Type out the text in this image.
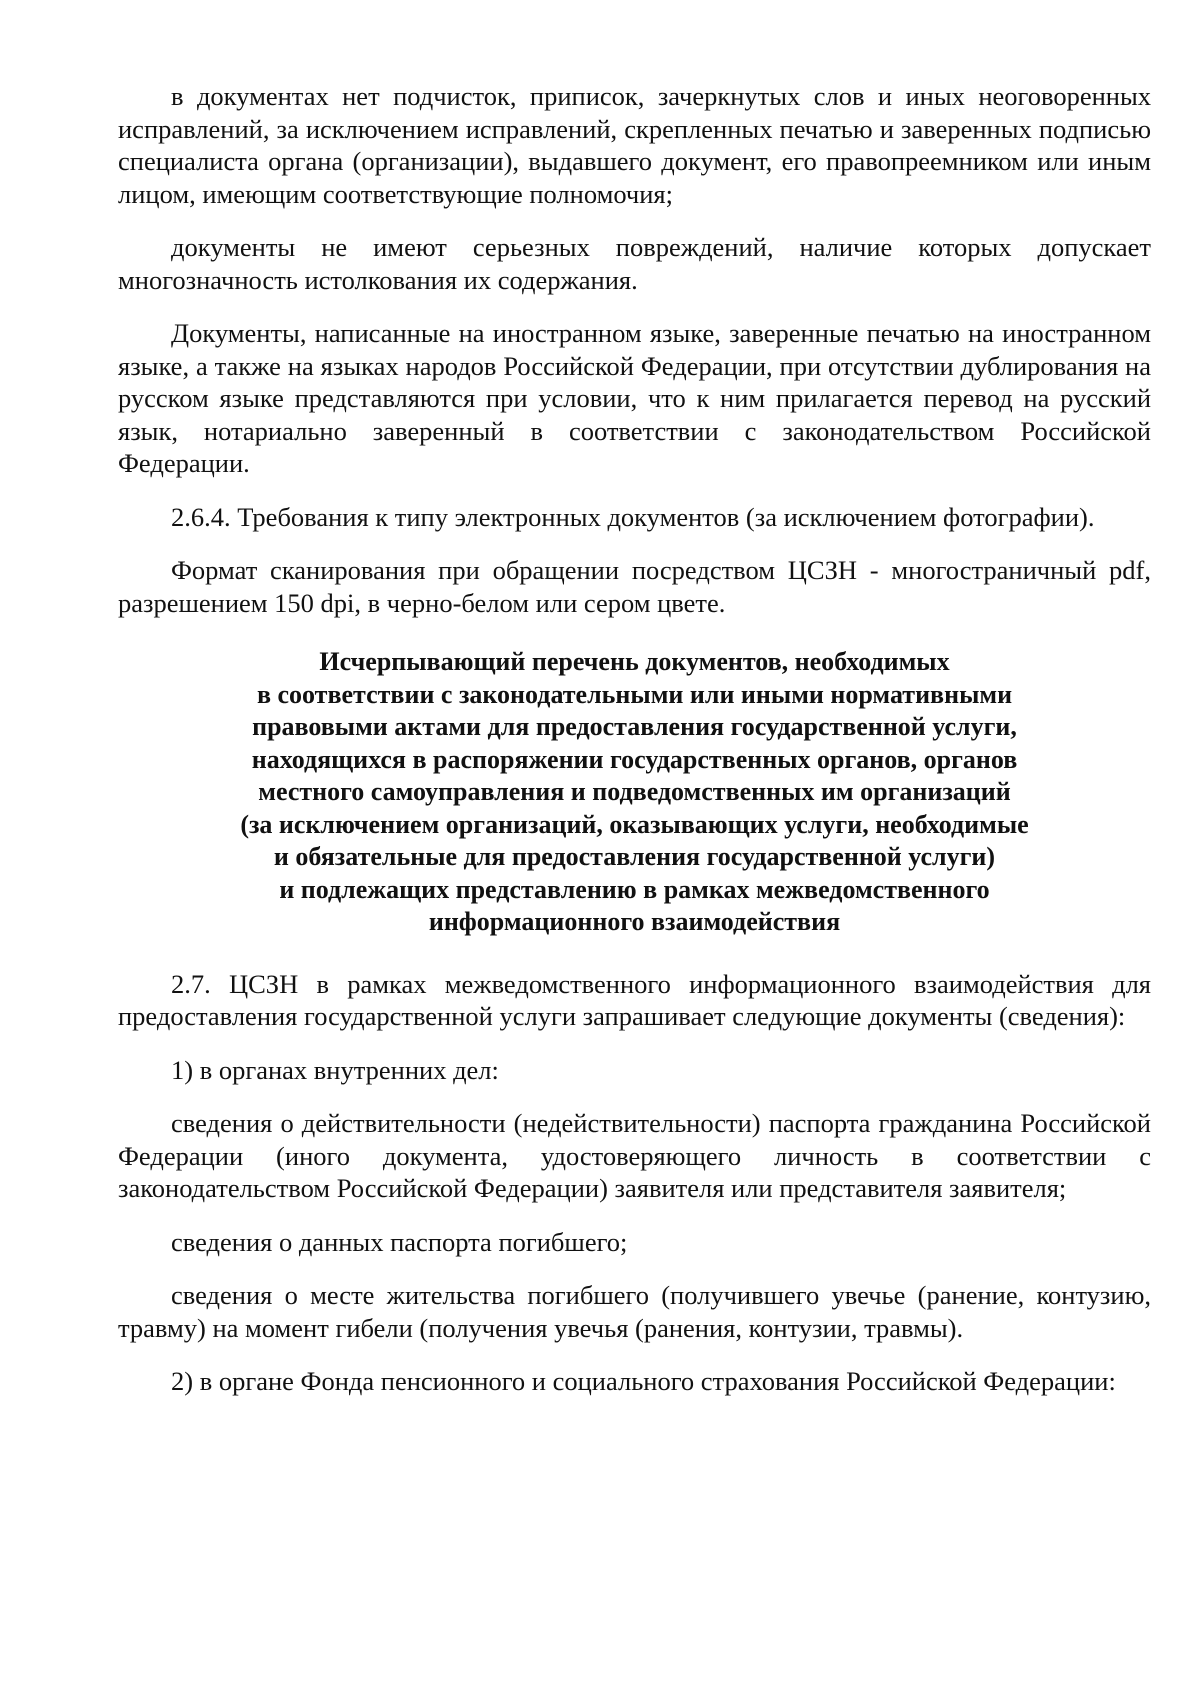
в документах нет подчисток, приписок, зачеркнутых слов и иных неоговоренных исправлений, за исключением исправлений, скрепленных печатью и заверенных подписью специалиста органа (организации), выдавшего документ, его правопреемником или иным лицом, имеющим соответствующие полномочия;

документы не имеют серьезных повреждений, наличие которых допускает многозначность истолкования их содержания.

Документы, написанные на иностранном языке, заверенные печатью на иностранном языке, а также на языках народов Российской Федерации, при отсутствии дублирования на русском языке представляются при условии, что к ним прилагается перевод на русский язык, нотариально заверенный в соответствии с законодательством Российской Федерации.

2.6.4. Требования к типу электронных документов (за исключением фотографии).

Формат сканирования при обращении посредством ЦСЗН - многостраничный pdf, разрешением 150 dpi, в черно-белом или сером цвете.

Исчерпывающий перечень документов, необходимых
в соответствии с законодательными или иными нормативными
правовыми актами для предоставления государственной услуги,
находящихся в распоряжении государственных органов, органов
местного самоуправления и подведомственных им организаций
(за исключением организаций, оказывающих услуги, необходимые
и обязательные для предоставления государственной услуги)
и подлежащих представлению в рамках межведомственного
информационного взаимодействия

2.7. ЦСЗН в рамках межведомственного информационного взаимодействия для предоставления государственной услуги запрашивает следующие документы (сведения):

1) в органах внутренних дел:

сведения о действительности (недействительности) паспорта гражданина Российской Федерации (иного документа, удостоверяющего личность в соответствии с законодательством Российской Федерации) заявителя или представителя заявителя;

сведения о данных паспорта погибшего;

сведения о месте жительства погибшего (получившего увечье (ранение, контузию, травму) на момент гибели (получения увечья (ранения, контузии, травмы).

2) в органе Фонда пенсионного и социального страхования Российской Федерации:
